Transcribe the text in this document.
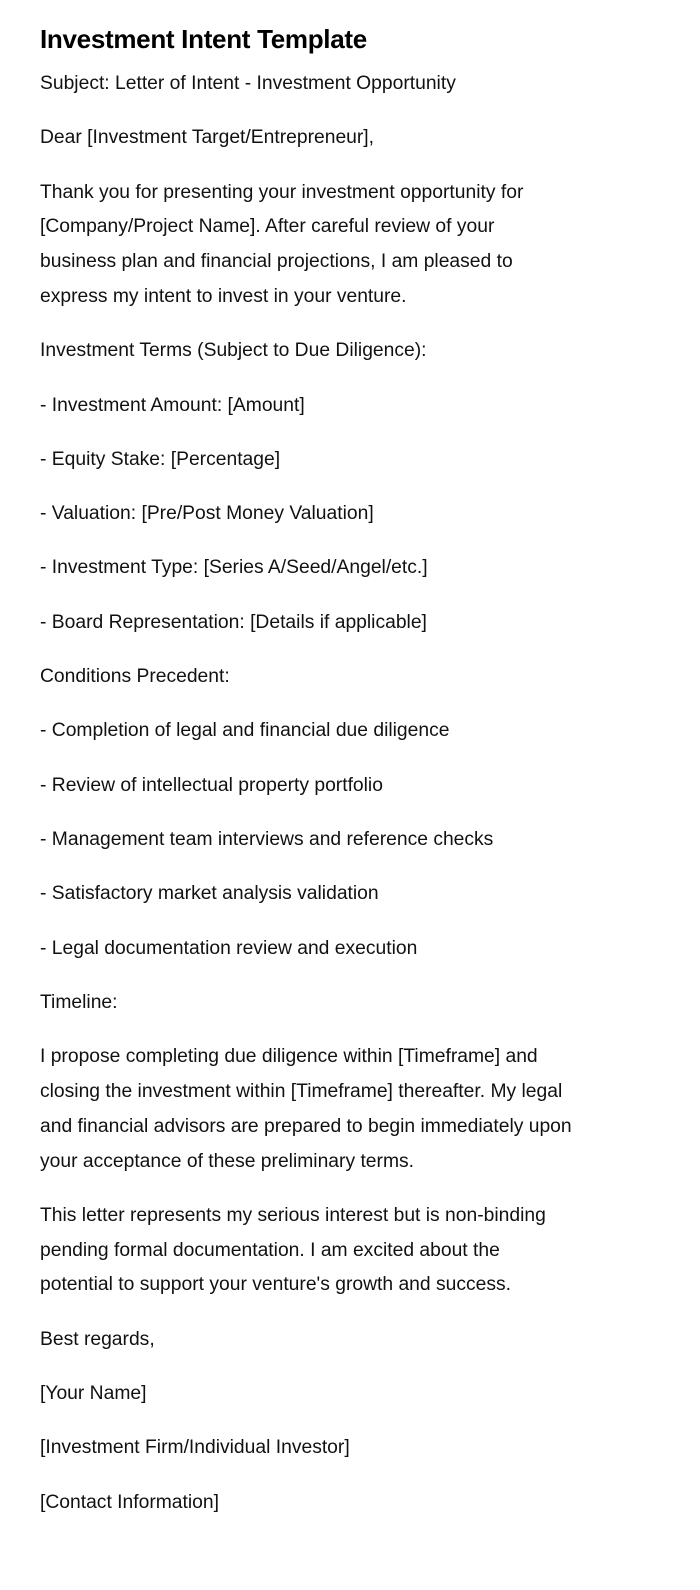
Investment Intent Template

Subject: Letter of Intent - Investment Opportunity

Dear [Investment Target/Entrepreneur],

Thank you for presenting your investment opportunity for
[Company/Project Name]. After careful review of your
business plan and financial projections, I am pleased to
express my intent to invest in your venture.

Investment Terms (Subject to Due Diligence):

- Investment Amount: [Amount]

- Equity Stake: [Percentage]

- Valuation: [Pre/Post Money Valuation]

- Investment Type: [Series A/Seed/Angel/etc.]

- Board Representation: [Details if applicable]

Conditions Precedent:

- Completion of legal and financial due diligence

- Review of intellectual property portfolio

- Management team interviews and reference checks

- Satisfactory market analysis validation

- Legal documentation review and execution

Timeline:

I propose completing due diligence within [Timeframe] and
closing the investment within [Timeframe] thereafter. My legal
and financial advisors are prepared to begin immediately upon
your acceptance of these preliminary terms.

This letter represents my serious interest but is non-binding
pending formal documentation. I am excited about the
potential to support your venture's growth and success.

Best regards,

[Your Name]

[Investment Firm/Individual Investor]

[Contact Information]
